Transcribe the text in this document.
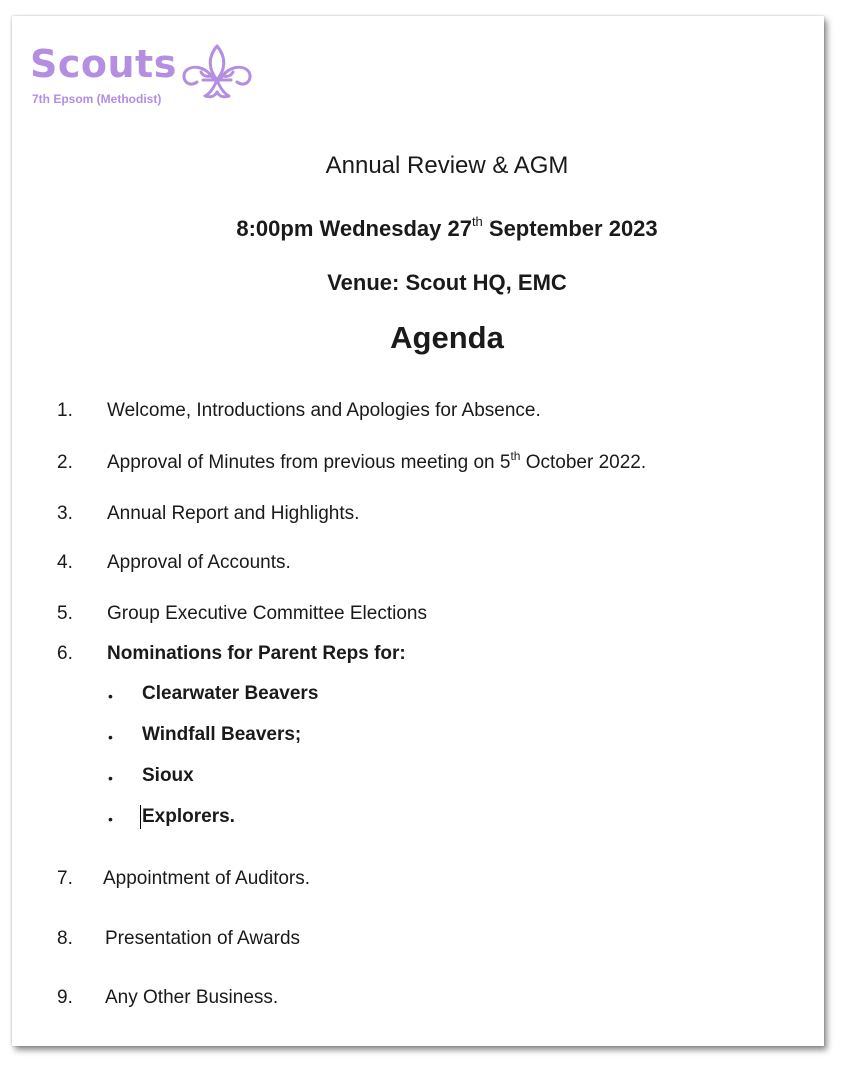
Scouts
7th Epsom (Methodist)
Annual Review & AGM
8:00pm Wednesday 27th September 2023
Venue: Scout HQ, EMC
Agenda
1. Welcome, Introductions and Apologies for Absence.
2. Approval of Minutes from previous meeting on 5th October 2022.
3. Annual Report and Highlights.
4. Approval of Accounts.
5. Group Executive Committee Elections
6. Nominations for Parent Reps for:
• Clearwater Beavers
• Windfall Beavers;
• Sioux
• Explorers.
7. Appointment of Auditors.
8. Presentation of Awards
9. Any Other Business.
